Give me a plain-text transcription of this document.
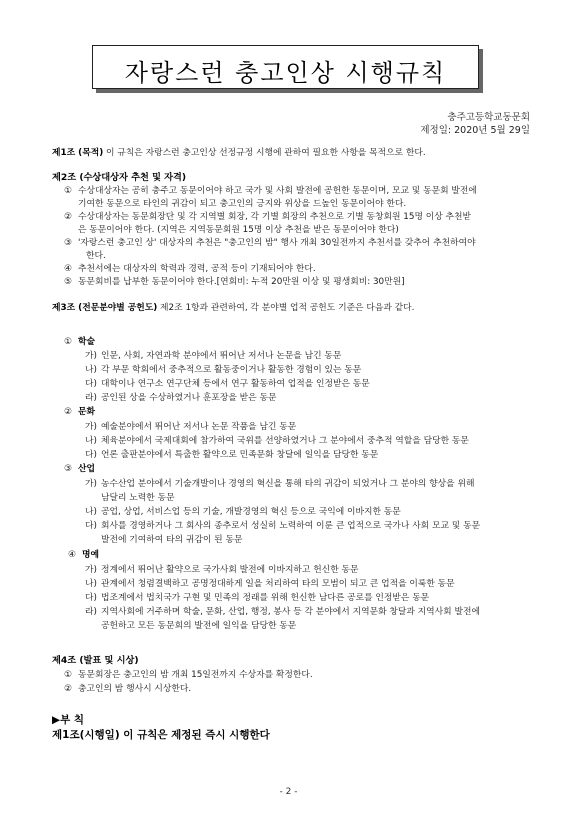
자랑스런 충고인상 시행규칙
충주고등학교동문회
제정일: 2020년 5월 29일
제1조 (목적) 이 규칙은 자랑스런 충고인상 선정규정 시행에 관하여 필요한 사항을 목적으로 한다.
제2조 (수상대상자 추천 및 자격)
① 수상대상자는 공히 충주고 동문이어야 하고 국가 및 사회 발전에 공헌한 동문이며, 모교 및 동문회 발전에
기여한 동문으로 타인의 귀감이 되고 충고인의 긍지와 위상을 드높인 동문이어야 한다.
② 수상대상자는 동문회장단 및 각 지역별 회장, 각 기별 회장의 추천으로 기별 동창회원 15명 이상 추천받
은 동문이어야 한다. (지역은 지역동문회원 15명 이상 추천을 받은 동문이어야 한다)
③ '자랑스런 충고인 상' 대상자의 추천은 "충고인의 밤" 행사 개최 30일전까지 추천서를 갖추어 추천하여야
한다.
④ 추천서에는 대상자의 학력과 경력, 공적 등이 기재되어야 한다.
⑤ 동문회비를 납부한 동문이어야 한다.[연회비: 누적 20만원 이상 및 평생회비: 30만원]
제3조 (전문분야별 공헌도) 제2조 1항과 관련하여, 각 분야별 업적 공헌도 기준은 다음과 같다.
① 학술
가) 인문, 사회, 자연과학 분야에서 뛰어난 저서나 논문을 남긴 동문
나) 각 부문 학회에서 중추적으로 활동중이거나 활동한 경험이 있는 동문
다) 대학이나 연구소 연구단체 등에서 연구 활동하여 업적을 인정받은 동문
라) 공인된 상을 수상하였거나 훈포장을 받은 동문
② 문화
가) 예술분야에서 뛰어난 저서나 논문 작품을 남긴 동문
나) 체육분야에서 국제대회에 참가하여 국위를 선양하였거나 그 분야에서 중추적 역할을 담당한 동문
다) 언론 출판분야에서 특출한 활약으로 민족문화 창달에 일익을 담당한 동문
③ 산업
가) 농수산업 분야에서 기술개발이나 경영의 혁신을 통해 타의 귀감이 되었거나 그 분야의 향상을 위해
남달리 노력한 동문
나) 공업, 상업, 서비스업 등의 기술, 개발경영의 혁신 등으로 국익에 이바지한 동문
다) 회사를 경영하거나 그 회사의 종추로서 성실히 노력하여 이룬 큰 업적으로 국가나 사회 모교 및 동문
발전에 기여하여 타의 귀감이 된 동문
④ 명예
가) 정계에서 뛰어난 활약으로 국가사회 발전에 이바지하고 헌신한 동문
나) 관계에서 청렴결백하고 공명정대하게 일을 처리하여 타의 모범이 되고 큰 업적을 이룩한 동문
다) 법조계에서 법치국가 구현 및 민족의 정래를 위해 헌신한 남다른 공로를 인정받은 동문
라) 지역사회에 거주하며 학술, 문화, 산업, 행정, 봉사 등 각 분야에서 지역문화 창달과 지역사회 발전에
공헌하고 모든 동문회의 발전에 일익을 담당한 동문
제4조 (발표 및 시상)
① 동문회장은 충고인의 밤 개최 15일전까지 수상자를 확정한다.
② 충고인의 밤 행사시 시상한다.
▶부 칙
제1조(시행일) 이 규칙은 제정된 즉시 시행한다
- 2 -
